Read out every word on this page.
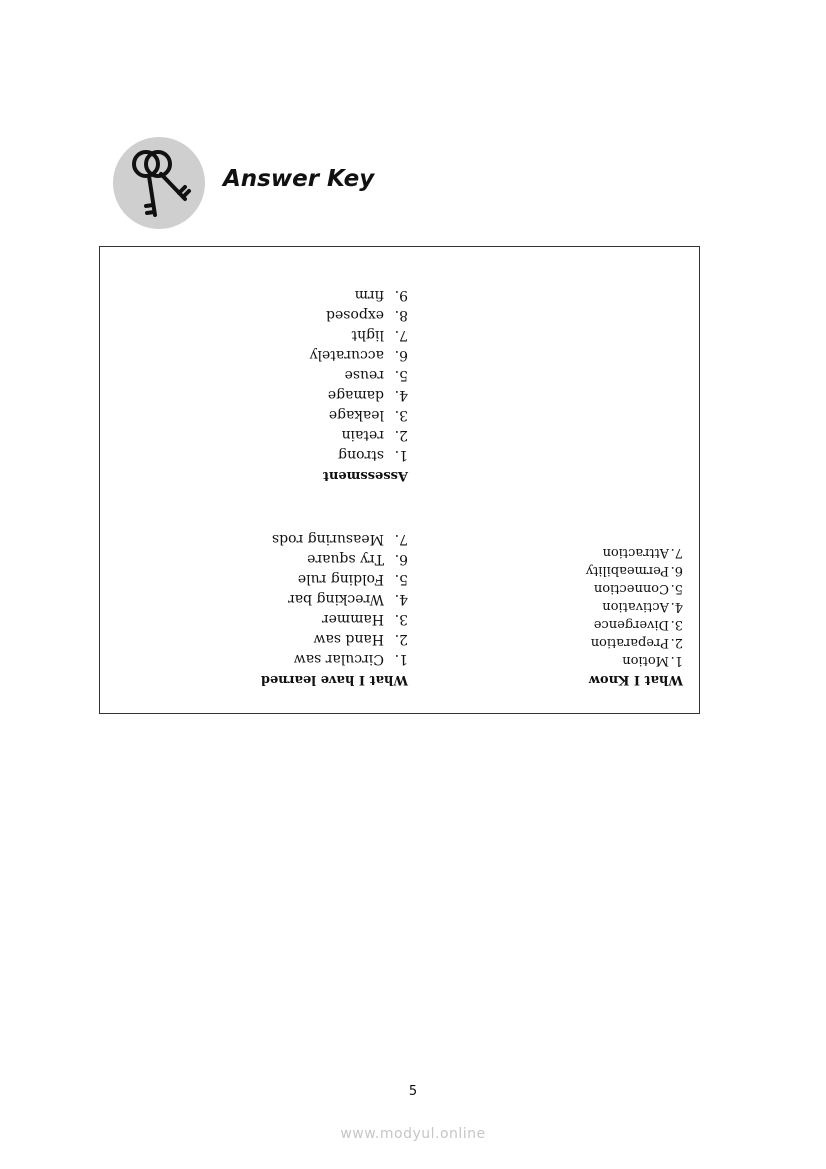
Answer Key

What I Know

1.Motion
2.Preparation
3.Divergence
4.Activation
5.Connection
6.Permeability
7.Attraction

What I have learned

1.Circular saw
2.Hand saw
3.Hammer
4.Wrecking bar
5.Folding rule
6.Try square
7.Measuring rods

Assessment

1.strong
2.retain
3.leakage
4.damage
5.reuse
6.accurately
7.light
8.exposed
9.firm
5
www.modyul.online
